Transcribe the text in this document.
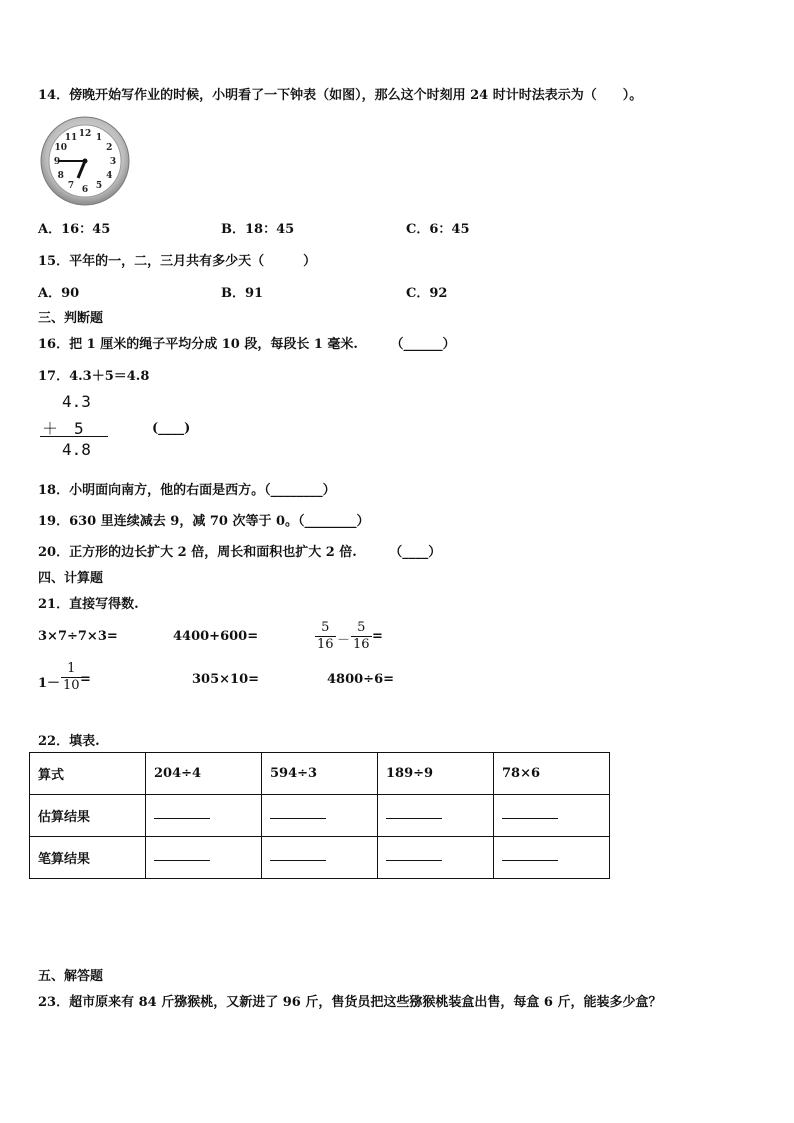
14．傍晚开始写作业的时候，小明看了一下钟表（如图），那么这个时刻用 24 时计时法表示为（　　）。
12 1
2
3
4
5
6
7
8
9
10
11
A．16：45	B．18：45	C．6：45
15．平年的一，二，三月共有多少天（　　　）
A．90	B．91	C．92
三、判断题
16．把 1 厘米的绳子平均分成 10 段，每段长 1 毫米.　　　（______）
17．4.3＋5＝4.8
4.3
＋　5
4.8
(____)
18．小明面向南方，他的右面是西方。（________）
19．630 里连续减去 9，减 70 次等于 0。（________）
20．正方形的边长扩大 2 倍，周长和面积也扩大 2 倍.　　　（____）
四、计算题
21．直接写得数.
3×7÷7×3=	4400+600=	$\frac{5}{16} - \frac{5}{16}$ =
$1- \frac{1}{10}$
=	305×10=	4800÷6=
22．填表.
算式	204÷4	594÷3	189÷9	78×6
估算结果				
笔算结果				
五、解答题
23．超市原来有 84 斤猕猴桃，又新进了 96 斤，售货员把这些猕猴桃装盒出售，每盒 6 斤，能装多少盒？
